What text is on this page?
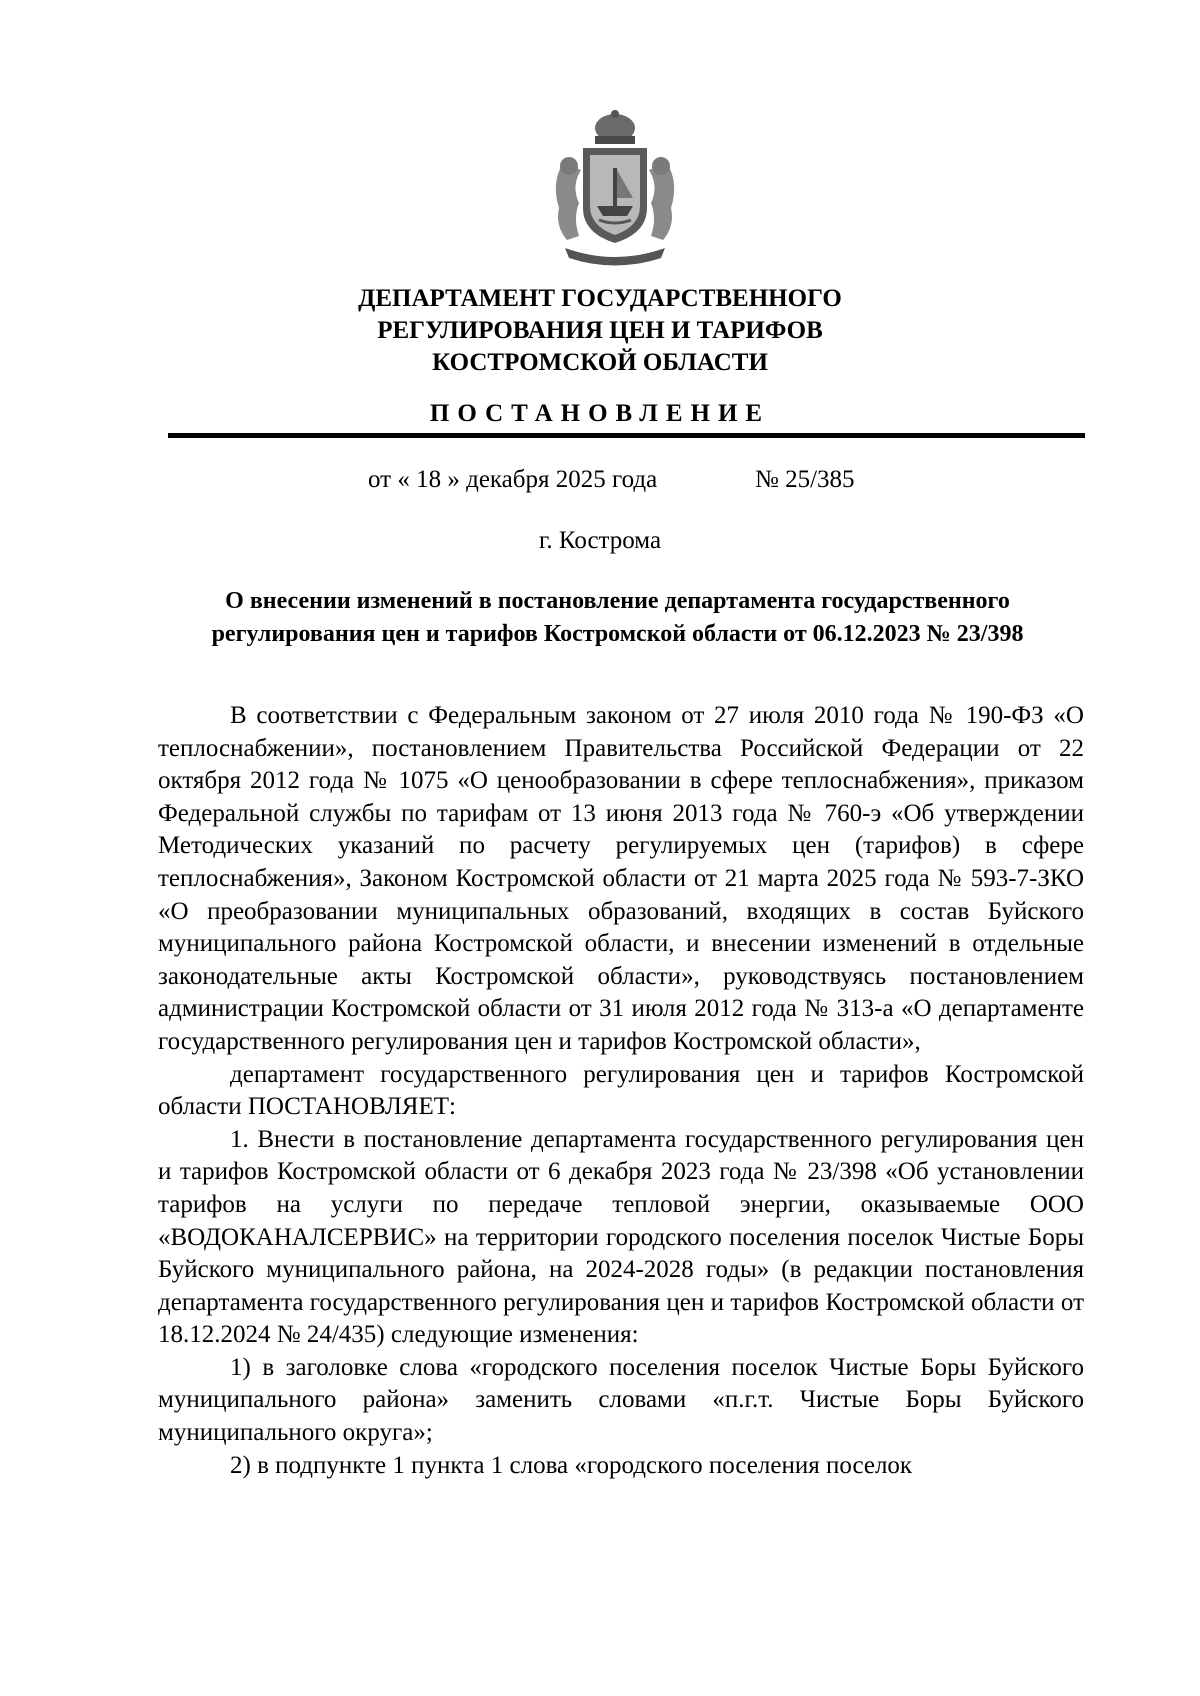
ДЕПАРТАМЕНТ ГОСУДАРСТВЕННОГО
РЕГУЛИРОВАНИЯ ЦЕН И ТАРИФОВ
КОСТРОМСКОЙ ОБЛАСТИ
ПОСТАНОВЛЕНИЕ
от « 18 » декабря 2025 года	№ 25/385
г. Кострома
О внесении изменений в постановление департамента государственного регулирования цен и тарифов Костромской области от 06.12.2023 № 23/398

В соответствии с Федеральным законом от 27 июля 2010 года № 190-ФЗ «О теплоснабжении», постановлением Правительства Российской Федерации от 22 октября 2012 года № 1075 «О ценообразовании в сфере теплоснабжения», приказом Федеральной службы по тарифам от 13 июня 2013 года № 760-э «Об утверждении Методических указаний по расчету регулируемых цен (тарифов) в сфере теплоснабжения», Законом Костромской области от 21 марта 2025 года № 593-7-ЗКО «О преобразовании муниципальных образований, входящих в состав Буйского муниципального района Костромской области, и внесении изменений в отдельные законодательные акты Костромской области», руководствуясь постановлением администрации Костромской области от 31 июля 2012 года № 313-а «О департаменте государственного регулирования цен и тарифов Костромской области»,

департамент государственного регулирования цен и тарифов Костромской области ПОСТАНОВЛЯЕТ:

1. Внести в постановление департамента государственного регулирования цен и тарифов Костромской области от 6 декабря 2023 года № 23/398 «Об установлении тарифов на услуги по передаче тепловой энергии, оказываемые ООО «ВОДОКАНАЛСЕРВИС» на территории городского поселения поселок Чистые Боры Буйского муниципального района, на 2024-2028 годы» (в редакции постановления департамента государственного регулирования цен и тарифов Костромской области от 18.12.2024 № 24/435) следующие изменения:

1) в заголовке слова «городского поселения поселок Чистые Боры Буйского муниципального района» заменить словами «п.г.т. Чистые Боры Буйского муниципального округа»;

2) в подпункте 1 пункта 1 слова «городского поселения поселок
